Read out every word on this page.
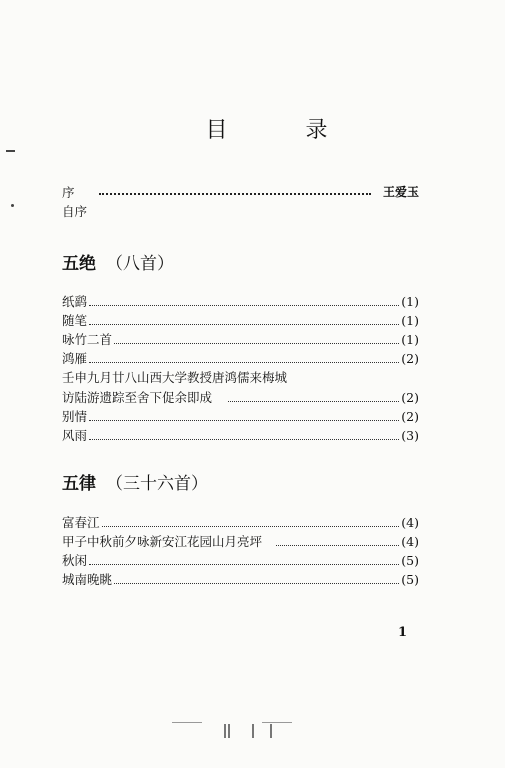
目　录
序	王爱玉
自序
五绝 （八首）
纸鹞	(1)
随笔	(1)
咏竹二首	(1)
鸿雁	(2)
壬申九月廿八山西大学教授唐鸿儒来梅城
访陆游遗踪至舍下促余即成	(2)
别情	(2)
风雨	(3)
五律 （三十六首）
富春江	(4)
甲子中秋前夕咏新安江花园山月亮坪	(4)
秋闲	(5)
城南晚眺	(5)
1
